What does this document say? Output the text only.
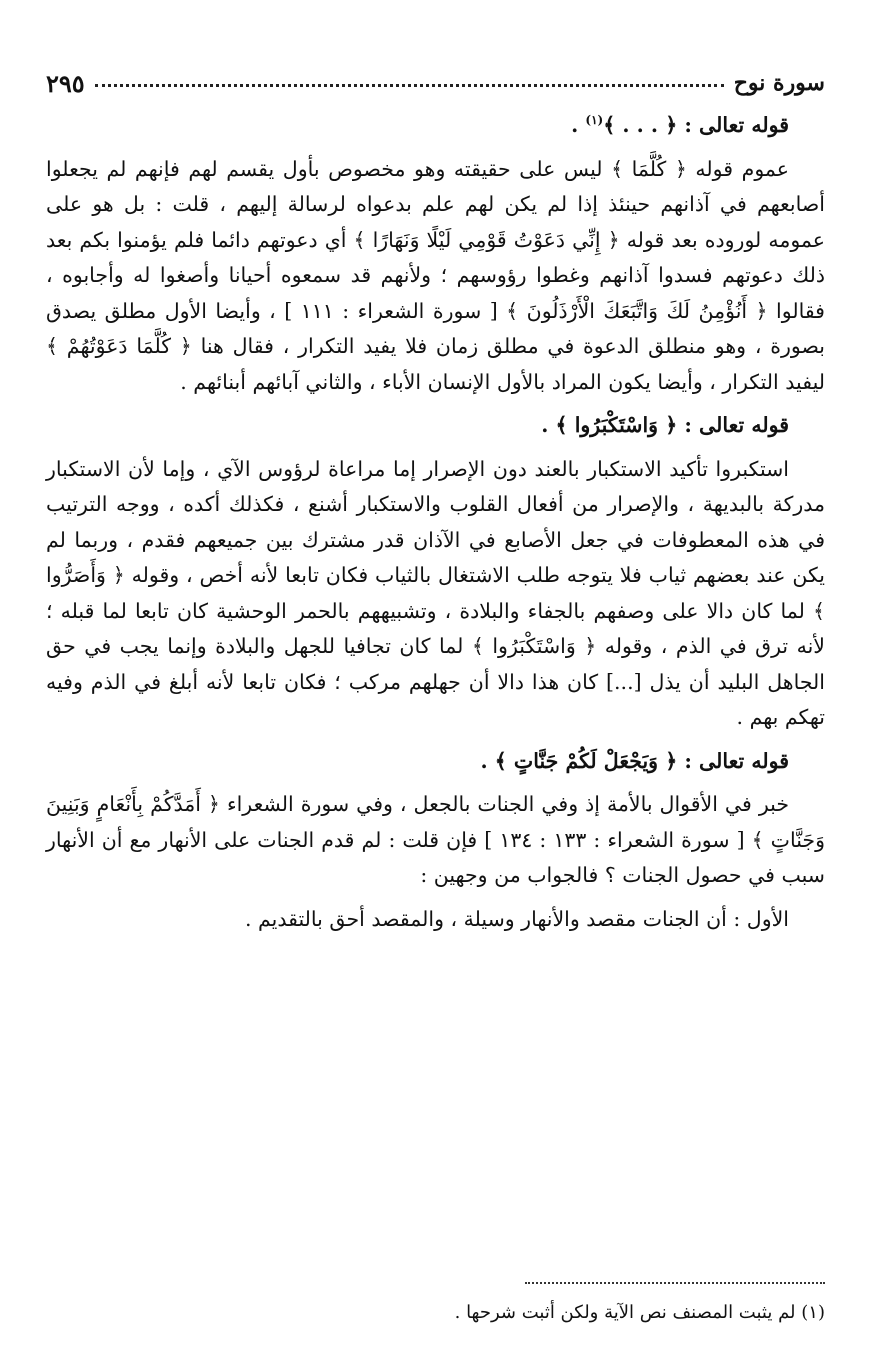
سورة نوح
٢٩٥

قوله تعالى : ﴿ . . . ﴾$^{(١)}$ .

عموم قوله ﴿ كُلَّمَا ﴾ ليس على حقيقته وهو مخصوص بأول يقسم لهم فإنهم لم يجعلوا أصابعهم في آذانهم حينئذ إذا لم يكن لهم علم بدعواه لرسالة إليهم ، قلت : بل هو على عمومه لوروده بعد قوله ﴿ إِنِّي دَعَوْتُ قَوْمِي لَيْلًا وَنَهَارًا ﴾ أي دعوتهم دائما فلم يؤمنوا بكم بعد ذلك دعوتهم فسدوا آذانهم وغطوا رؤوسهم ؛ ولأنهم قد سمعوه أحيانا وأصغوا له وأجابوه ، فقالوا ﴿ أَنُؤْمِنُ لَكَ وَاتَّبَعَكَ الْأَرْذَلُونَ ﴾ [ سورة الشعراء : ١١١ ] ، وأيضا الأول مطلق يصدق بصورة ، وهو منطلق الدعوة في مطلق زمان فلا يفيد التكرار ، فقال هنا ﴿ كُلَّمَا دَعَوْتُهُمْ ﴾ليفيد التكرار ، وأيضا يكون المراد بالأول الإنسان الأباء ، والثاني آبائهم أبنائهم .

قوله تعالى : ﴿ وَاسْتَكْبَرُوا ﴾ .

استكبروا تأكيد الاستكبار بالعند دون الإصرار إما مراعاة لرؤوس الآي ، وإما لأن الاستكبار مدركة بالبديهة ، والإصرار من أفعال القلوب والاستكبار أشنع ، فكذلك أكده ، ووجه الترتيب في هذه المعطوفات في جعل الأصابع في الآذان قدر مشترك بين جميعهم فقدم ، وربما لم يكن عند بعضهم ثياب فلا يتوجه طلب الاشتغال بالثياب فكان تابعا لأنه أخص ، وقوله ﴿ وَأَصَرُّوا ﴾ لما كان دالا على وصفهم بالجفاء والبلادة ، وتشبيههم بالحمر الوحشية كان تابعا لما قبله ؛ لأنه ترق في الذم ، وقوله ﴿ وَاسْتَكْبَرُوا ﴾ لما كان تجافيا للجهل والبلادة وإنما يجب في حق الجاهل البليد أن يذل [...] كان هذا دالا أن جهلهم مركب ؛ فكان تابعا لأنه أبلغ في الذم وفيه تهكم بهم .

قوله تعالى : ﴿ وَيَجْعَلْ لَكُمْ جَنَّاتٍ ﴾ .

خبر في الأقوال بالأمة إذ وفي الجنات بالجعل ، وفي سورة الشعراء ﴿ أَمَدَّكُمْ بِأَنْعَامٍ وَبَنِينَ وَجَنَّاتٍ ﴾ [ سورة الشعراء : ١٣٣ : ١٣٤ ] فإن قلت : لم قدم الجنات على الأنهار مع أن الأنهار سبب في حصول الجنات ؟ فالجواب من وجهين :

الأول : أن الجنات مقصد والأنهار وسيلة ، والمقصد أحق بالتقديم .

(١) لم يثبت المصنف نص الآية ولكن أثبت شرحها .
